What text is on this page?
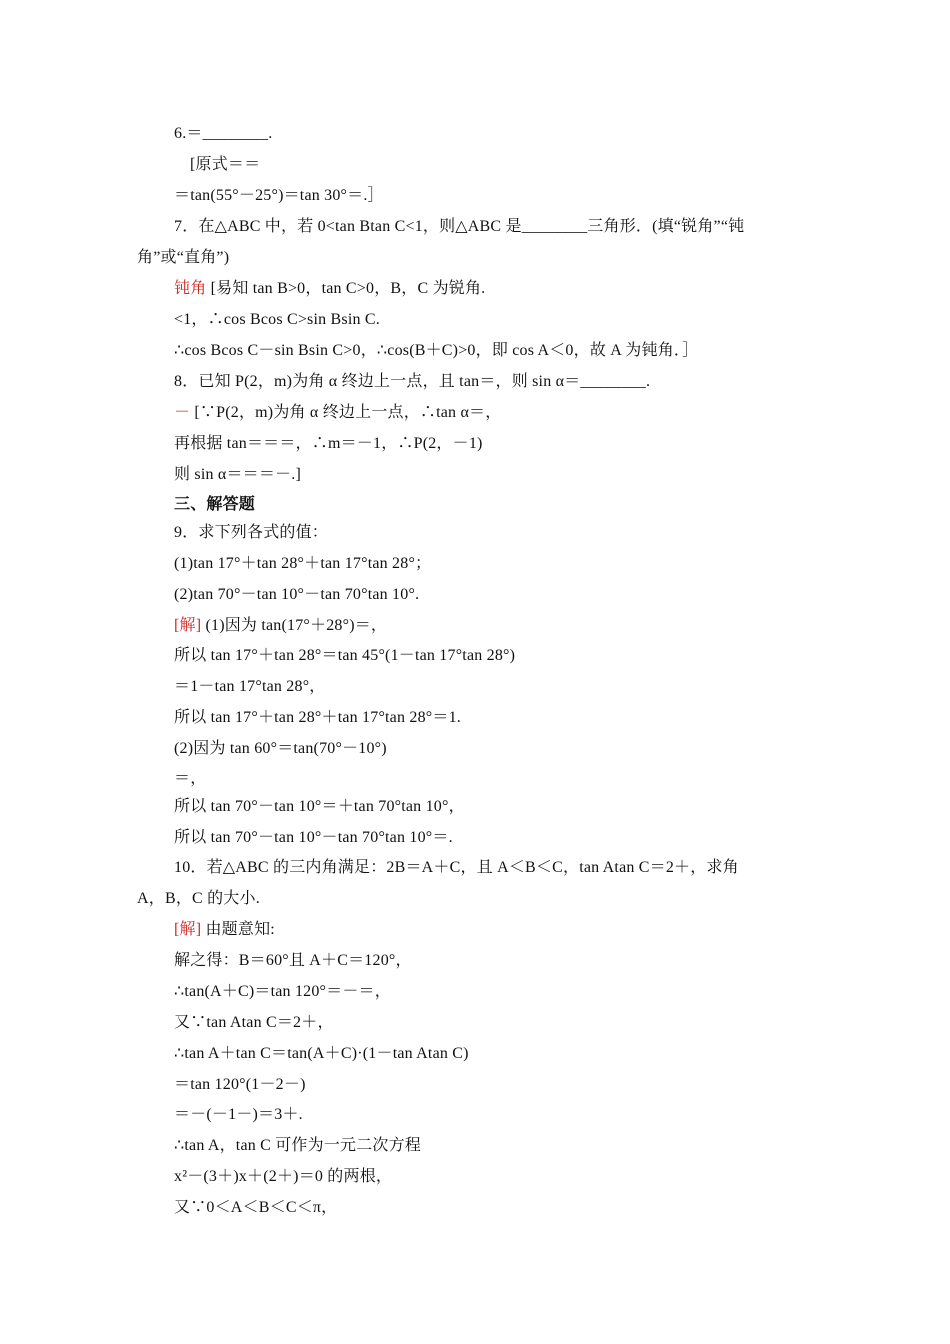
6.＝________.
[原式＝＝
＝tan(55°－25°)＝tan 30°＝.］
7．在△ABC 中，若 0<tan Btan C<1，则△ABC 是________三角形．(填“锐角”“钝
角”或“直角”)
钝角 [易知 tan B>0，tan C>0，B，C 为锐角.
<1，∴cos Bcos C>sin Bsin C.
∴cos Bcos C－sin Bsin C>0，∴cos(B＋C)>0，即 cos A＜0，故 A 为钝角．］
8．已知 P(2，m)为角 α 终边上一点，且 tan＝，则 sin α＝________.
－ [∵P(2，m)为角 α 终边上一点，∴tan α＝，
再根据 tan＝＝＝，∴m＝－1，∴P(2，－1)
则 sin α＝＝＝－.]
三、解答题
9．求下列各式的值：
(1)tan 17°＋tan 28°＋tan 17°tan 28°；
(2)tan 70°－tan 10°－tan 70°tan 10°.
[解] (1)因为 tan(17°＋28°)＝，
所以 tan 17°＋tan 28°＝tan 45°(1－tan 17°tan 28°)
＝1－tan 17°tan 28°，
所以 tan 17°＋tan 28°＋tan 17°tan 28°＝1.
(2)因为 tan 60°＝tan(70°－10°)
＝，
所以 tan 70°－tan 10°＝＋tan 70°tan 10°，
所以 tan 70°－tan 10°－tan 70°tan 10°＝.
10．若△ABC 的三内角满足：2B＝A＋C，且 A＜B＜C，tan Atan C＝2＋，求角
A，B，C 的大小.
[解] 由题意知:
解之得：B＝60°且 A＋C＝120°，
∴tan(A＋C)＝tan 120°＝－＝，
又∵tan Atan C＝2＋，
∴tan A＋tan C＝tan(A＋C)·(1－tan Atan C)
＝tan 120°(1－2－)
＝－(－1－)＝3＋.
∴tan A，tan C 可作为一元二次方程
x²－(3＋)x＋(2＋)＝0 的两根，
又∵0＜A＜B＜C＜π，
